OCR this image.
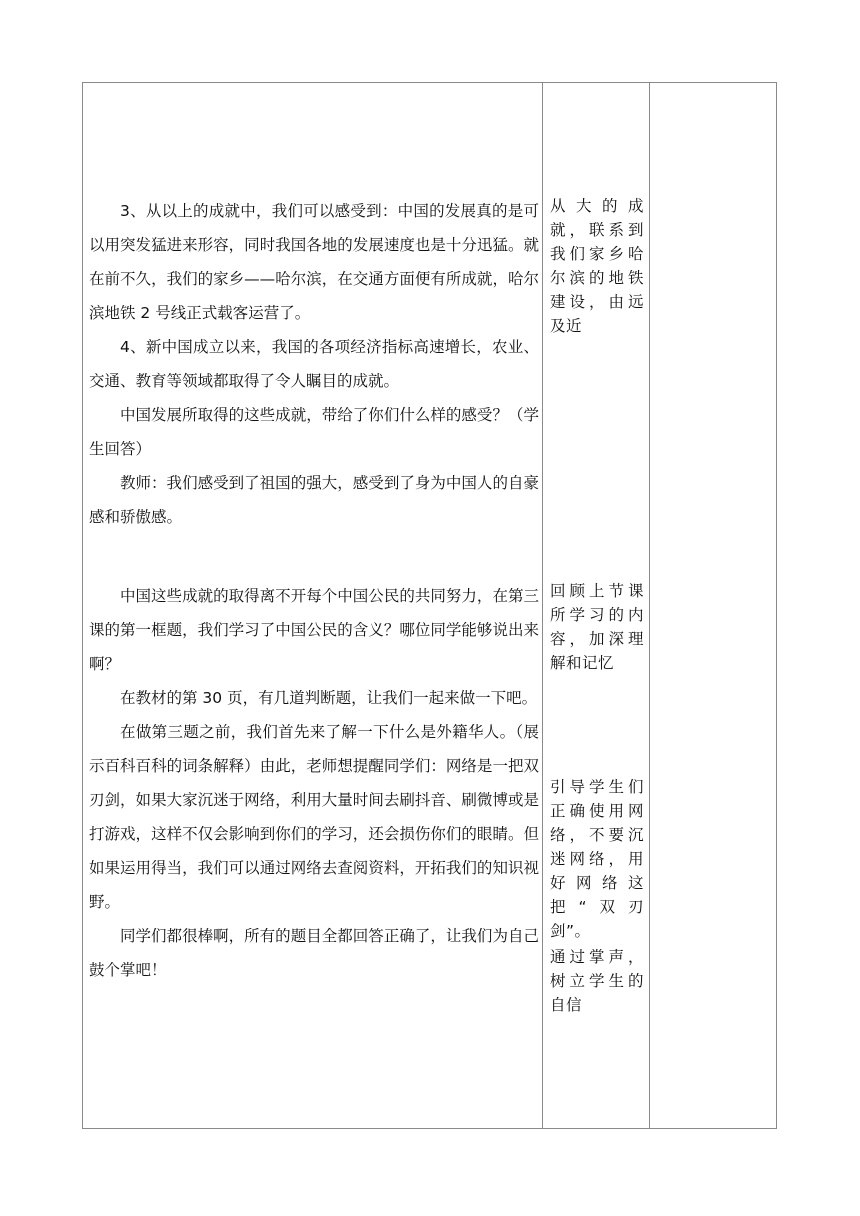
3、从以上的成就中，我们可以感受到：中国的发展真的是可以用突发猛进来形容，同时我国各地的发展速度也是十分迅猛。就在前不久，我们的家乡——哈尔滨，在交通方面便有所成就，哈尔滨地铁 2 号线正式载客运营了。

4、新中国成立以来，我国的各项经济指标高速增长，农业、交通、教育等领域都取得了令人瞩目的成就。

中国发展所取得的这些成就，带给了你们什么样的感受？（学生回答）

教师：我们感受到了祖国的强大，感受到了身为中国人的自豪感和骄傲感。

中国这些成就的取得离不开每个中国公民的共同努力，在第三课的第一框题，我们学习了中国公民的含义？哪位同学能够说出来啊？

在教材的第 30 页，有几道判断题，让我们一起来做一下吧。

在做第三题之前，我们首先来了解一下什么是外籍华人。（展示百科百科的词条解释）由此，老师想提醒同学们：网络是一把双刃剑，如果大家沉迷于网络，利用大量时间去刷抖音、刷微博或是打游戏，这样不仅会影响到你们的学习，还会损伤你们的眼睛。但如果运用得当，我们可以通过网络去查阅资料，开拓我们的知识视野。

同学们都很棒啊，所有的题目全都回答正确了，让我们为自己鼓个掌吧！

从大的成就，联系到我们家乡哈尔滨的地铁建设，由远及近

回顾上节课所学习的内容，加深理解和记忆

引导学生们正确使用网络，不要沉迷网络，用好网络这把“双刃剑”。

通过掌声，树立学生的自信
